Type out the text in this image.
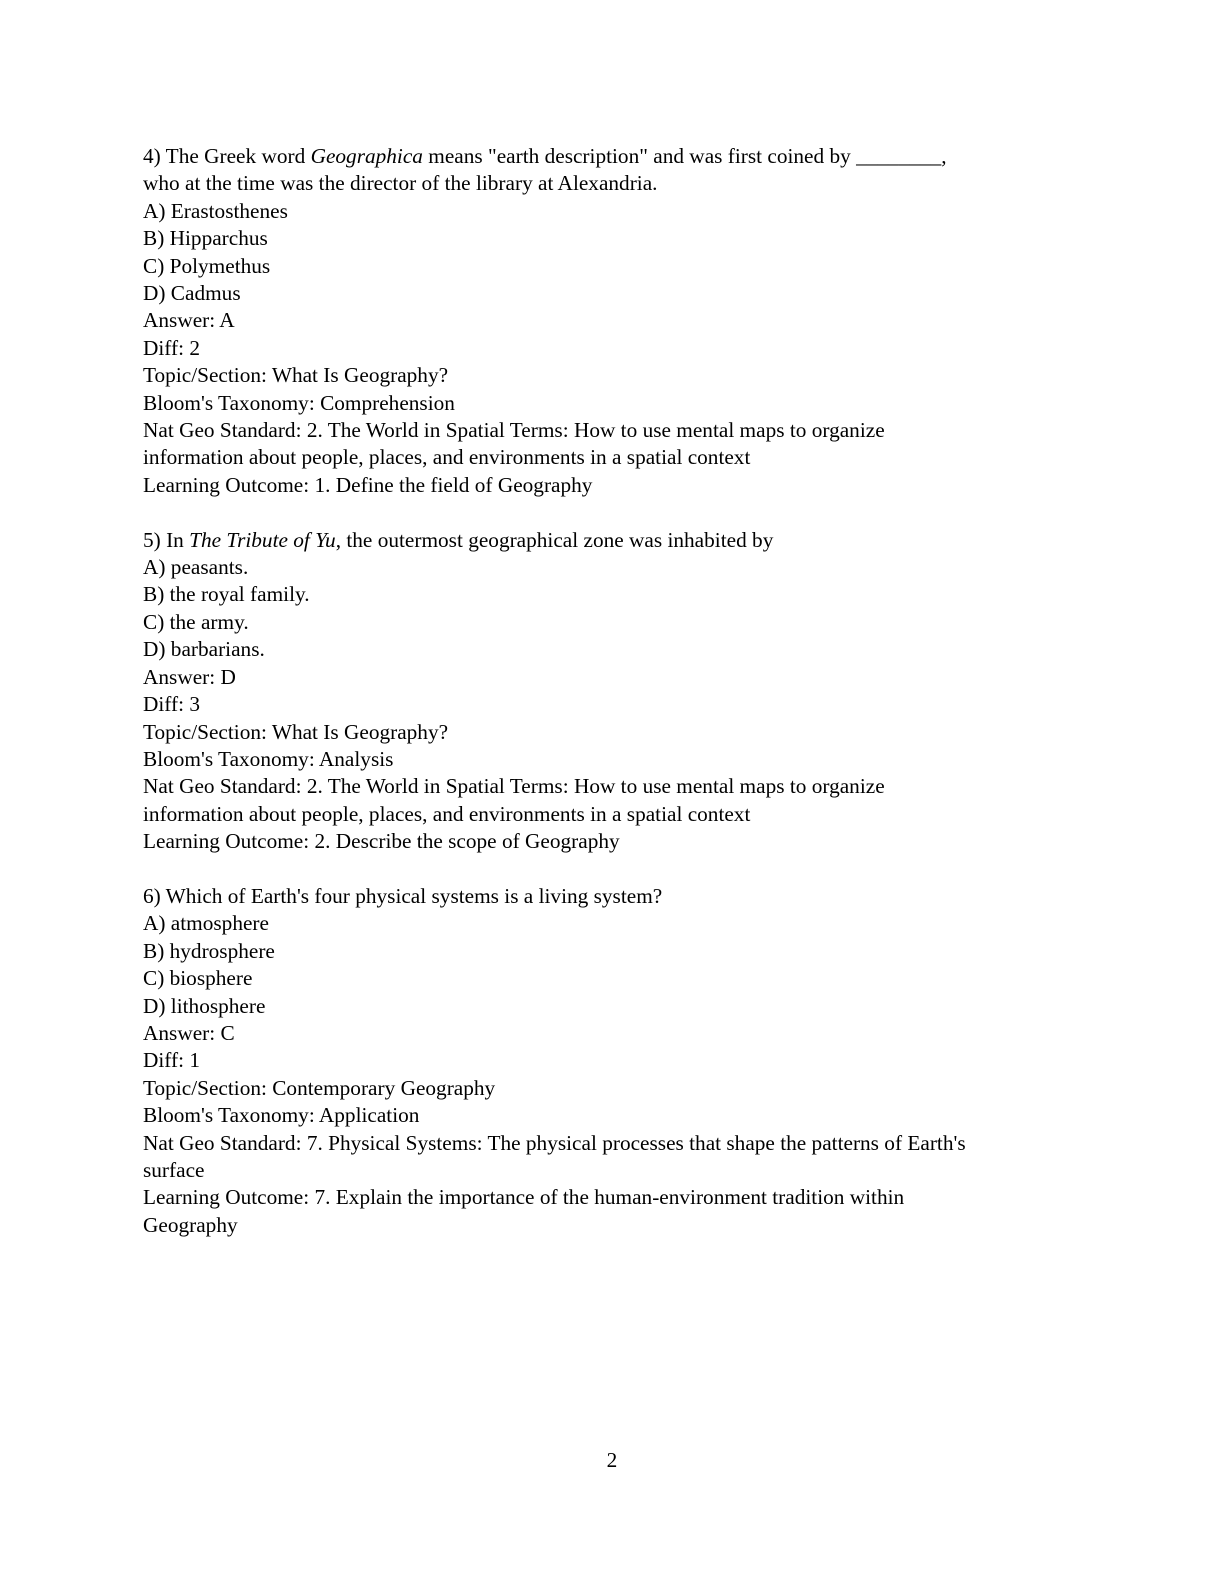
4) The Greek word Geographica means "earth description" and was first coined by ________,
who at the time was the director of the library at Alexandria.
A) Erastosthenes
B) Hipparchus
C) Polymethus
D) Cadmus
Answer: A
Diff: 2
Topic/Section: What Is Geography?
Bloom's Taxonomy: Comprehension
Nat Geo Standard: 2. The World in Spatial Terms: How to use mental maps to organize
information about people, places, and environments in a spatial context
Learning Outcome: 1. Define the field of Geography
5) In The Tribute of Yu, the outermost geographical zone was inhabited by
A) peasants.
B) the royal family.
C) the army.
D) barbarians.
Answer: D
Diff: 3
Topic/Section: What Is Geography?
Bloom's Taxonomy: Analysis
Nat Geo Standard: 2. The World in Spatial Terms: How to use mental maps to organize
information about people, places, and environments in a spatial context
Learning Outcome: 2. Describe the scope of Geography
6) Which of Earth's four physical systems is a living system?
A) atmosphere
B) hydrosphere
C) biosphere
D) lithosphere
Answer: C
Diff: 1
Topic/Section: Contemporary Geography
Bloom's Taxonomy: Application
Nat Geo Standard: 7. Physical Systems: The physical processes that shape the patterns of Earth's
surface
Learning Outcome: 7. Explain the importance of the human-environment tradition within
Geography
2
